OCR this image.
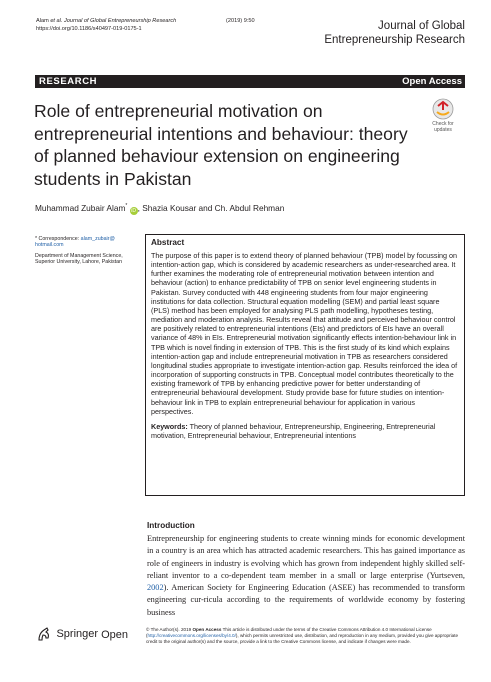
Alam et al. Journal of Global Entrepreneurship Research	(2019) 9:50
https://doi.org/10.1186/s40497-019-0175-1	Journal of Global
Entrepreneurship Research
RESEARCH	Open Access
Role of entrepreneurial motivation on entrepreneurial intentions and behaviour: theory of planned behaviour extension on engineering students in Pakistan
Check for
updates
Muhammad Zubair Alam* iD , Shazia Kousar and Ch. Abdul Rehman

* Correspondence: alam_zubair@
hotmail.com

Department of Management Science, Superior University, Lahore, Pakistan

Abstract
The purpose of this paper is to extend theory of planned behaviour (TPB) model by focussing on intention-action gap, which is considered by academic researchers as under-researched area. It further examines the moderating role of entrepreneurial motivation between intention and behaviour (action) to enhance predictability of TPB on senior level engineering students in Pakistan. Survey conducted with 448 engineering students from four major engineering institutions for data collection. Structural equation modelling (SEM) and partial least square (PLS) method has been employed for analysing PLS path modelling, hypotheses testing, mediation and moderation analysis. Results reveal that attitude and perceived behaviour control are positively related to entrepreneurial intentions (EIs) and predictors of EIs have an overall variance of 48% in EIs. Entrepreneurial motivation significantly effects intention-behaviour link in TPB which is novel finding in extension of TPB. This is the first study of its kind which explains intention-action gap and include entrepreneurial motivation in TPB as researchers considered longitudinal studies appropriate to investigate intention-action gap. Results reinforced the idea of incorporation of supporting constructs in TPB. Conceptual model contributes theoretically to the existing framework of TPB by enhancing predictive power for better understanding of entrepreneurial behavioural development. Study provide base for future studies on intention-behaviour link in TPB to explain entrepreneurial behaviour for application in various perspectives.
Keywords: Theory of planned behaviour, Entrepreneurship, Engineering, Entrepreneurial motivation, Entrepreneurial behaviour, Entrepreneurial intentions
Introduction
Entrepreneurship for engineering students to create winning minds for economic development in a country is an area which has attracted academic researchers. This has gained importance as role of engineers in industry is evolving which has grown from independent highly skilled self-reliant inventor to a co-dependent team member in a small or large enterprise (Yurtseven, 2002). American Society for Engineering Education (ASEE) has recommended to transform engineering cur-ricula according to the requirements of worldwide economy by fostering business
Springer Open	© The Author(s). 2019 Open Access This article is distributed under the terms of the Creative Commons Attribution 4.0 International License (http://creativecommons.org/licenses/by/4.0/), which permits unrestricted use, distribution, and reproduction in any medium, provided you give appropriate credit to the original author(s) and the source, provide a link to the Creative Commons license, and indicate if changes were made.
